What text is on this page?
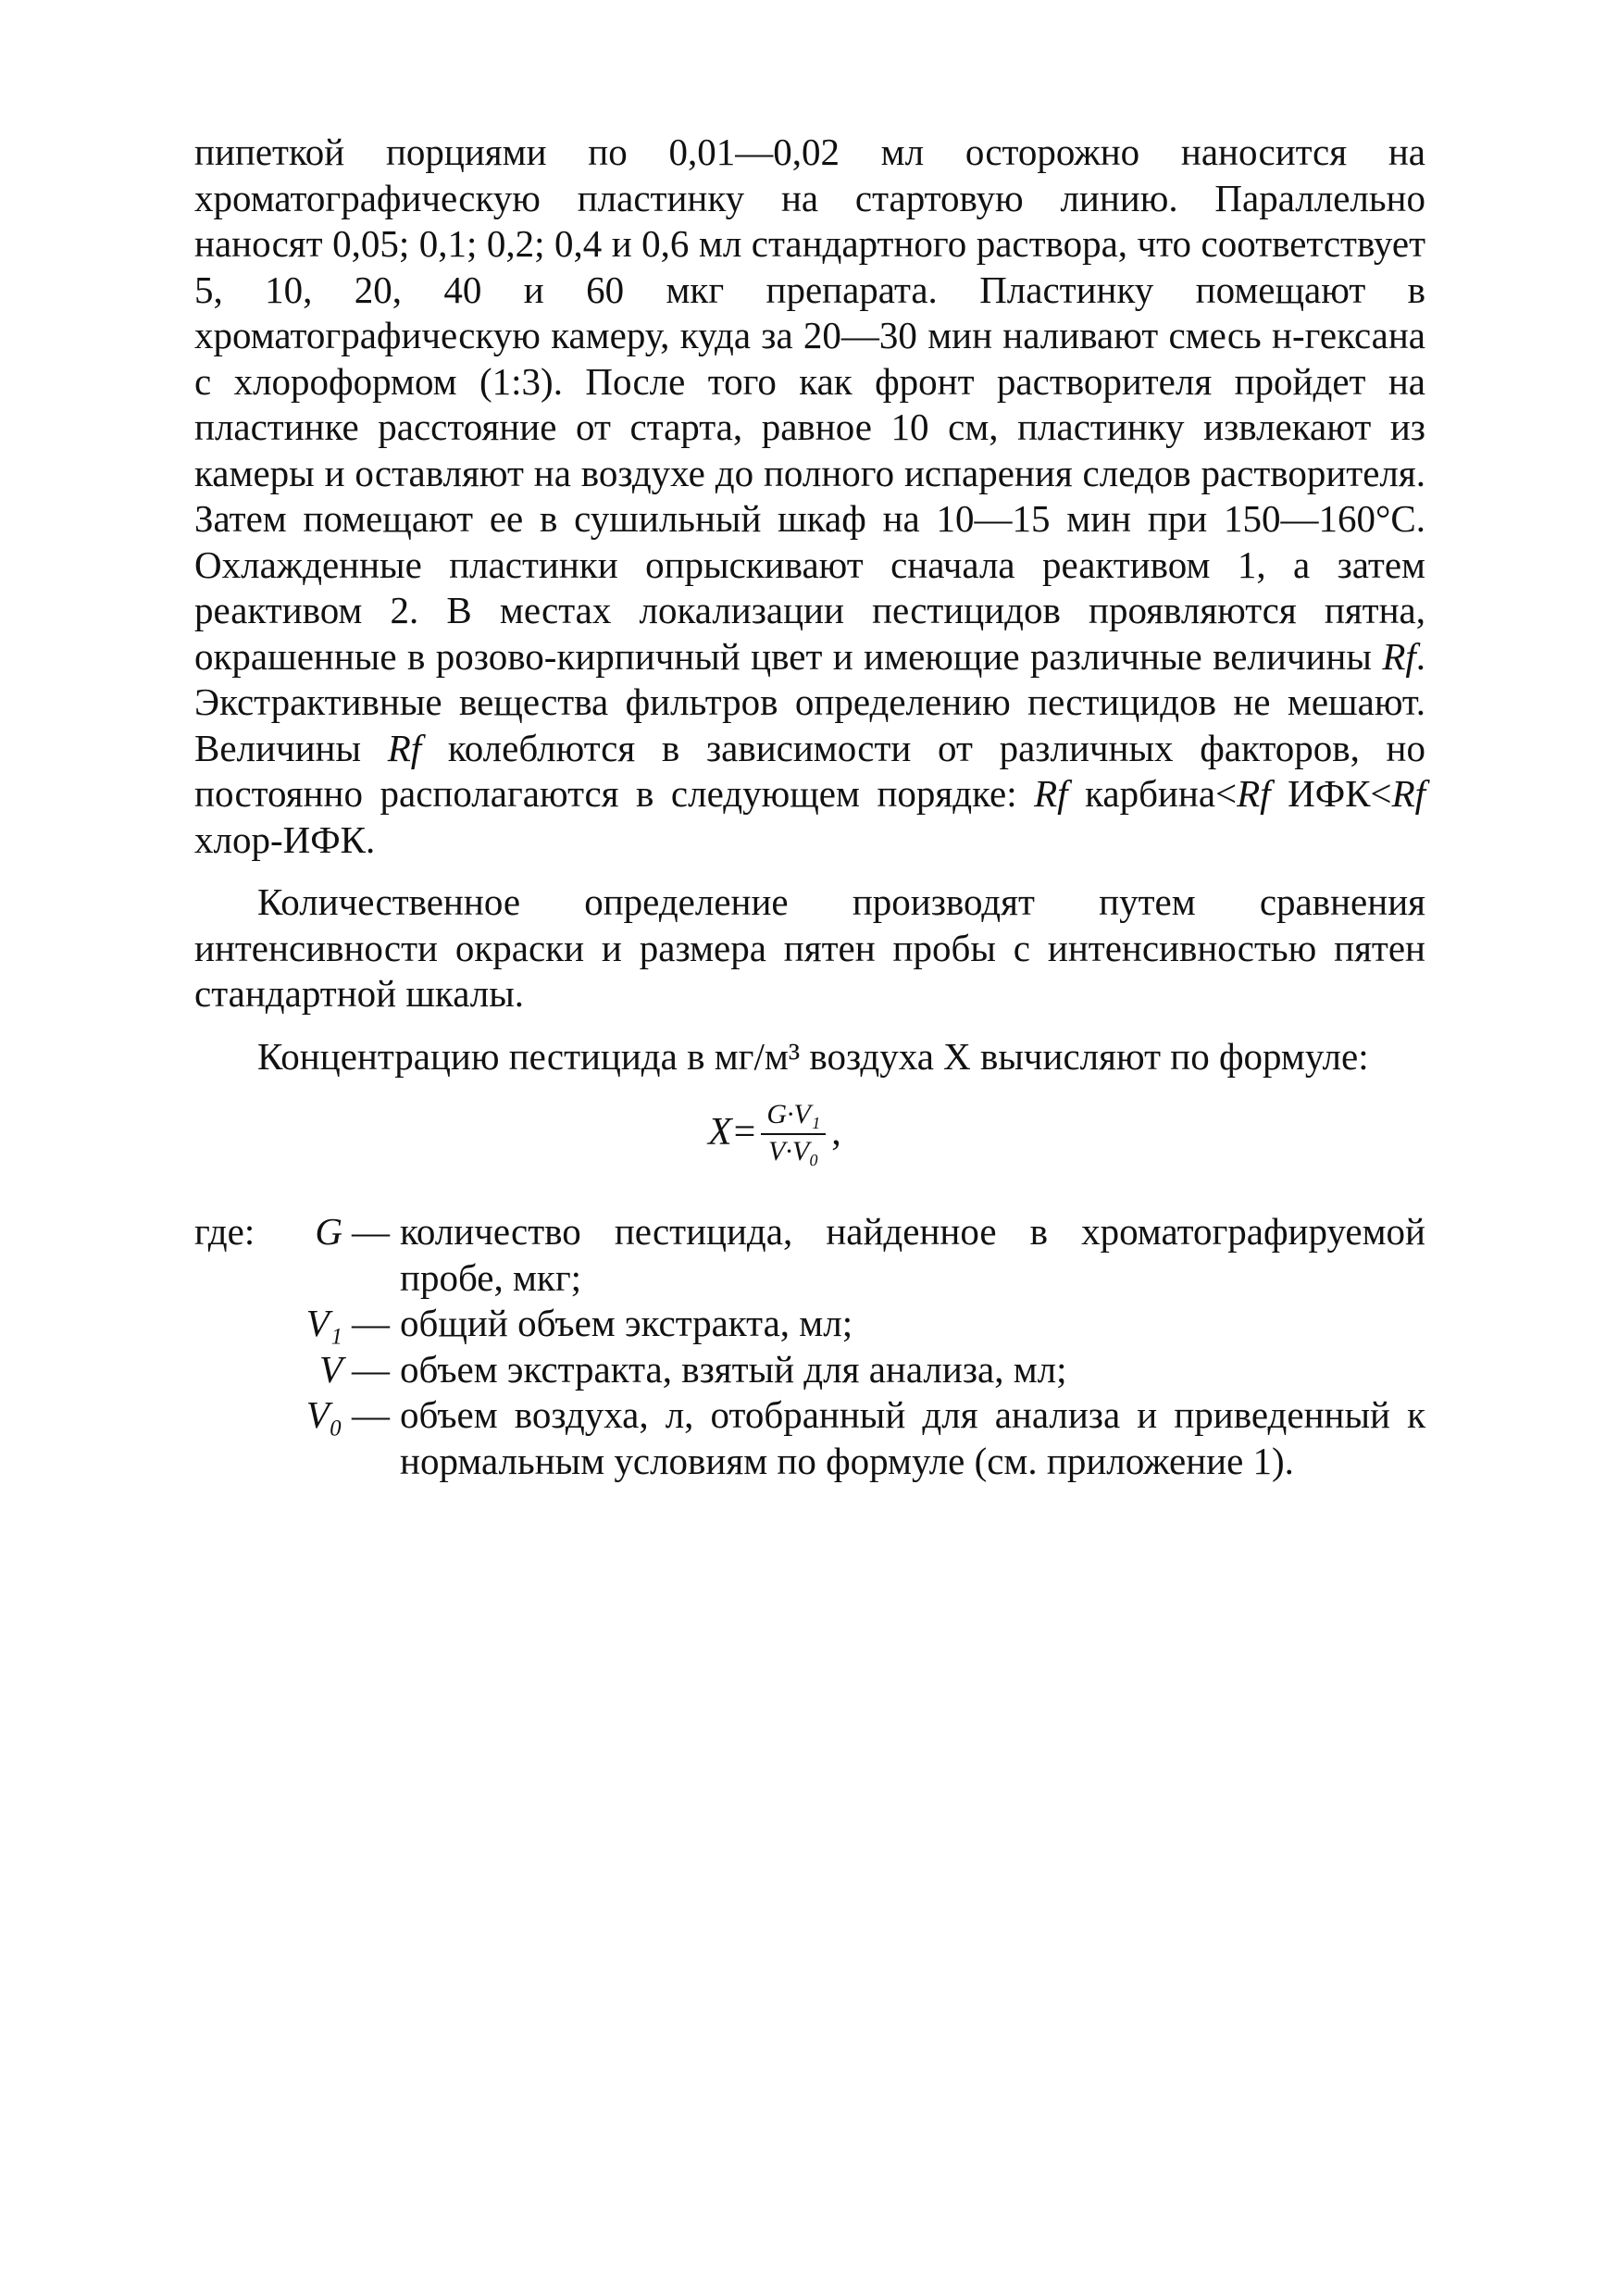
пипеткой порциями по 0,01—0,02 мл осторожно наносится на хроматографическую пластинку на стартовую линию. Параллельно наносят 0,05; 0,1; 0,2; 0,4 и 0,6 мл стандартного раствора, что соответствует 5, 10, 20, 40 и 60 мкг препарата. Пластинку помещают в хроматографическую камеру, куда за 20—30 мин наливают смесь н-гексана с хлороформом (1:3). После того как фронт растворителя пройдет на пластинке расстояние от старта, равное 10 см, пластинку извлекают из камеры и оставляют на воздухе до полного испарения следов растворителя. Затем помещают ее в сушильный шкаф на 10—15 мин при 150—160°С. Охлажденные пластинки опрыскивают сначала реактивом 1, а затем реактивом 2. В местах локализации пестицидов проявляются пятна, окрашенные в розово-кирпичный цвет и имеющие различные величины Rf. Экстрактивные вещества фильтров определению пестицидов не мешают. Величины Rf колеблются в зависимости от различных факторов, но постоянно располагаются в следующем порядке: Rf карбина<Rf ИФК<Rf хлор-ИФК.

Количественное определение производят путем сравнения интенсивности окраски и размера пятен пробы с интенсивностью пятен стандартной шкалы.

Концентрацию пестицида в мг/м³ воздуха X вычисляют по формуле:

$X = \frac{\text{G·V₁}}{\text{V·V₀}}$ ,
где:	G — количество пестицида, найденное в хроматографируемой пробе, мкг;
V₁ — общий объем экстракта, мл;
V — объем экстракта, взятый для анализа, мл;
V₀ — объем воздуха, л, отобранный для анализа и приведенный к нормальным условиям по формуле (см. приложение 1).
